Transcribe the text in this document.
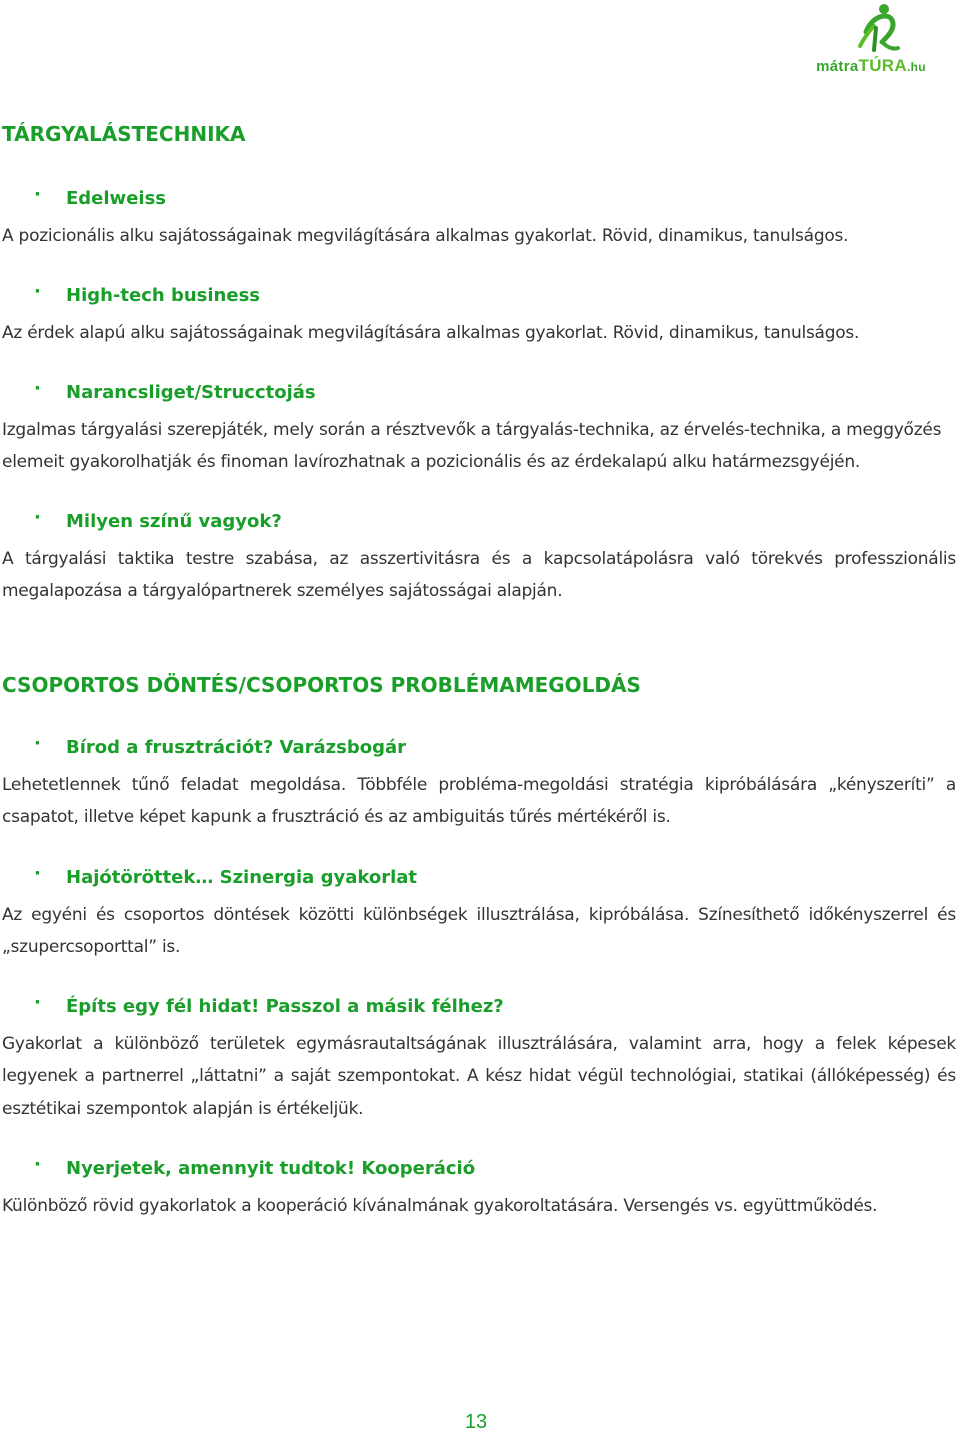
mátraTÚRA.hu
TÁRGYALÁSTECHNIKA
· Edelweiss

A pozicionális alku sajátosságainak megvilágítására alkalmas gyakorlat. Rövid, dinamikus, tanulságos.

· High-tech business

Az érdek alapú alku sajátosságainak megvilágítására alkalmas gyakorlat. Rövid, dinamikus, tanulságos.

· Narancsliget/Strucctojás

Izgalmas tárgyalási szerepjáték, mely során a résztvevők a tárgyalás-technika, az érvelés-technika, a meggyőzés elemeit gyakorolhatják és finoman lavírozhatnak a pozicionális és az érdekalapú alku határmezsgyéjén.

· Milyen színű vagyok?

A tárgyalási taktika testre szabása, az asszertivitásra és a kapcsolatápolásra való törekvés professzionális megalapozása a tárgyalópartnerek személyes sajátosságai alapján.

CSOPORTOS DÖNTÉS/CSOPORTOS PROBLÉMAMEGOLDÁS
· Bírod a frusztrációt? Varázsbogár

Lehetetlennek tűnő feladat megoldása. Többféle probléma-megoldási stratégia kipróbálására „kényszeríti” a csapatot, illetve képet kapunk a frusztráció és az ambiguitás tűrés mértékéről is.

· Hajótöröttek… Szinergia gyakorlat

Az egyéni és csoportos döntések közötti különbségek illusztrálása, kipróbálása. Színesíthető időkényszerrel és „szupercsoporttal” is.

· Építs egy fél hidat! Passzol a másik félhez?

Gyakorlat a különböző területek egymásrautaltságának illusztrálására, valamint arra, hogy a felek képesek legyenek a partnerrel „láttatni” a saját szempontokat. A kész hidat végül technológiai, statikai (állóképesség) és esztétikai szempontok alapján is értékeljük.

· Nyerjetek, amennyit tudtok! Kooperáció

Különböző rövid gyakorlatok a kooperáció kívánalmának gyakoroltatására. Versengés vs. együttműködés.

13
